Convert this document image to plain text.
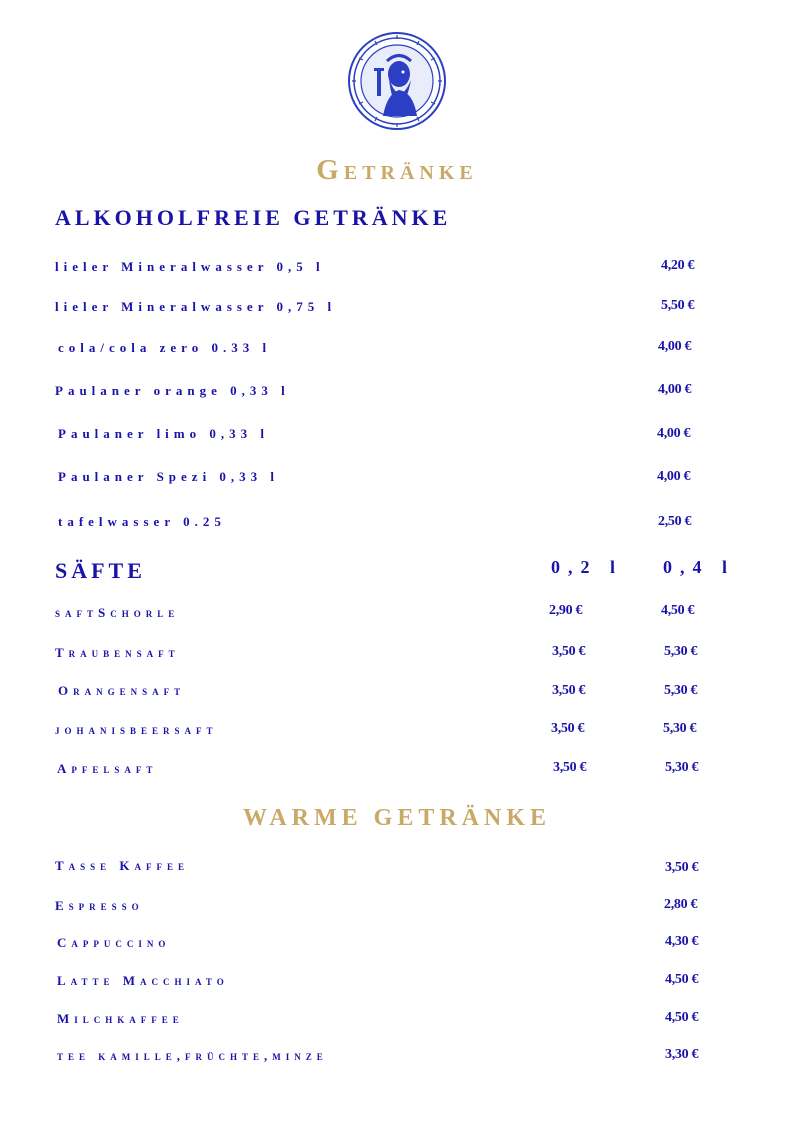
Getränke
ALKOHOLFREIE GETRÄNKE
lieler Mineralwasser 0,5 l	4,20 €
lieler Mineralwasser 0,75 l	5,50 €
cola/cola zero 0.33 l	4,00 €
Paulaner orange 0,33 l	4,00 €
Paulaner limo 0,33 l	4,00 €
Paulaner Spezi 0,33 l	4,00 €
tafelwasser 0.25	2,50 €
SÄFTE	0,2 l 0,4 l
saftSchorle	2,90 €	4,50 €
Traubensaft	3,50 €	5,30 €
Orangensaft	3,50 €	5,30 €
johanisbeersaft	3,50 €	5,30 €
Apfelsaft	3,50 €	5,30 €
WARME GETRÄNKE
Tasse Kaffee	3,50 €
Espresso	2,80 €
Cappuccino	4,30 €
Latte Macchiato	4,50 €
Milchkaffee	4,50 €
tee kamille,früchte,minze	3,30 €
